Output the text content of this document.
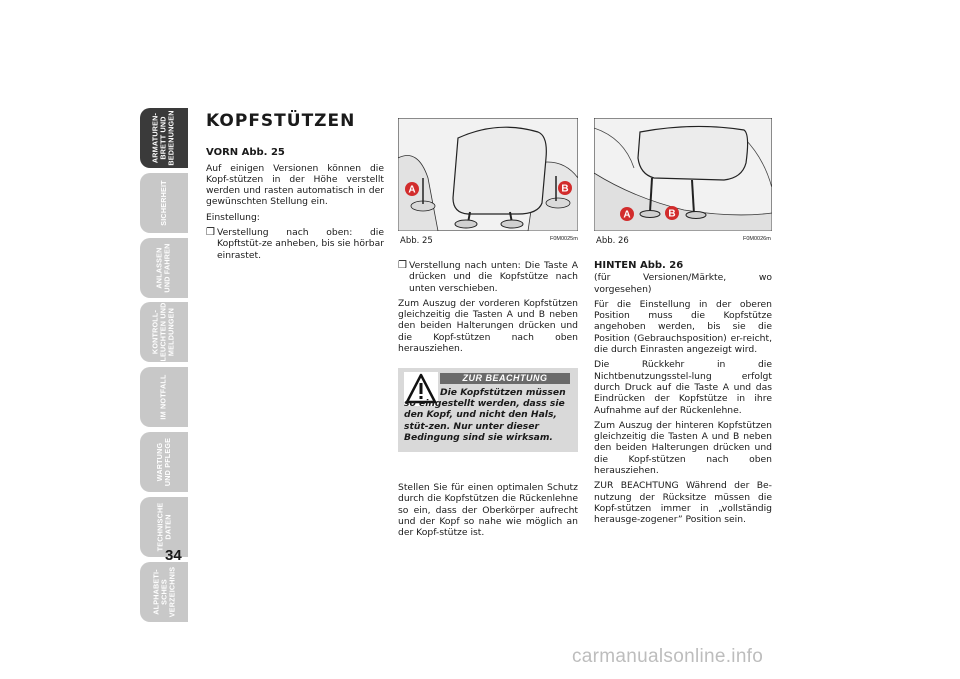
ARMATUREN-
BRETT UND
BEDIENUNGEN
SICHERHEIT
ANLASSEN
UND FAHREN
KONTROLL-
LEUCHTEN UND
MELDUNGEN
IM NOTFALL
WARTUNG
UND PFLEGE
TECHNISCHE
DATEN
ALPHABETI-
SCHES
VERZEICHNIS
34
KOPFSTÜTZEN
VORN Abb. 25

Auf einigen Versionen können die Kopf-stützen in der Höhe verstellt werden und rasten automatisch in der gewünschten Stellung ein.

Einstellung:

❒ Verstellung nach oben: die Kopftstüt-ze anheben, bis sie hörbar einrastet.
A	B
Abb. 25	F0M0025m
A	B
Abb. 26	F0M0026m
❒ Verstellung nach unten: Die Taste A drücken und die Kopfstütze nach unten verschieben.

Zum Auszug der vorderen Kopfstützen gleichzeitig die Tasten A und B neben den beiden Halterungen drücken und die Kopf-stützen nach oben herausziehen.

ZUR BEACHTUNG
Die Kopfstützen müssen so eingestellt werden, dass sie den Kopf, und nicht den Hals, stüt-zen. Nur unter dieser Bedingung sind sie wirksam.

Stellen Sie für einen optimalen Schutz durch die Kopfstützen die Rückenlehne so ein, dass der Oberkörper aufrecht und der Kopf so nahe wie möglich an der Kopf-stütze ist.

HINTEN Abb. 26

(für Versionen/Märkte, wo vorgesehen)

Für die Einstellung in der oberen Position muss die Kopfstütze angehoben werden, bis sie die Position (Gebrauchsposition) er-reicht, die durch Einrasten angezeigt wird.

Die Rückkehr in die Nichtbenutzungsstel-lung erfolgt durch Druck auf die Taste A und das Eindrücken der Kopfstütze in ihre Aufnahme auf der Rückenlehne.

Zum Auszug der hinteren Kopfstützen gleichzeitig die Tasten A und B neben den beiden Halterungen drücken und die Kopf-stützen nach oben herausziehen.

ZUR BEACHTUNG Während der Be-nutzung der Rücksitze müssen die Kopf-stützen immer in „vollständig herausge-zogener” Position sein.

carmanualsonline.info
